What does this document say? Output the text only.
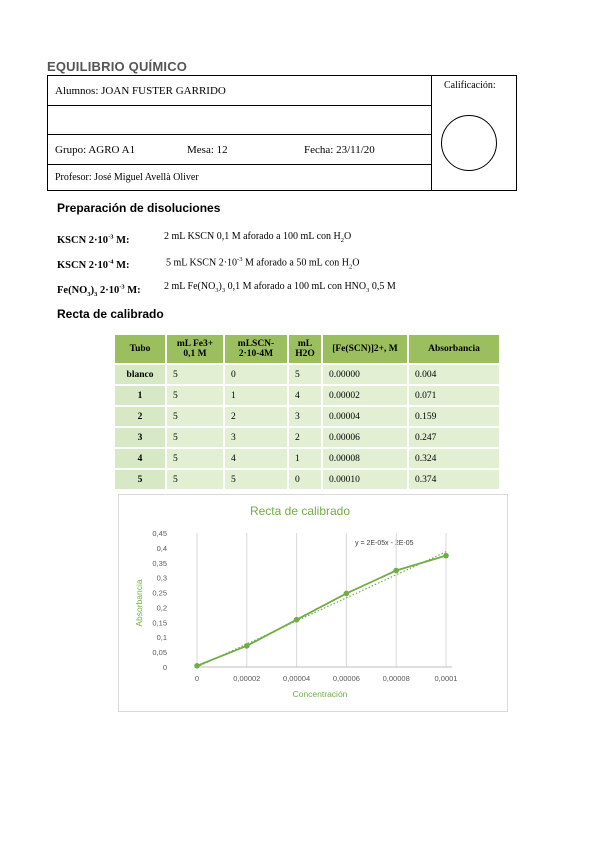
EQUILIBRIO QUÍMICO
Alumnos: JOAN FUSTER GARRIDO
Grupo: AGRO A1	Mesa: 12	Fecha: 23/11/20
Profesor: José Miguel Avellà Oliver
Calificación:
Preparación de disoluciones
KSCN $2\cdot 10^{-3}$ M:	2 mL KSCN 0,1 M aforado a 100 mL con $H_2O$
KSCN $2\cdot 10^{-4}$ M:	5 mL KSCN $2\cdot 10^{-3}$ M aforado a 50 mL con $H_2O$
$Fe(NO_3)_3$ $2\cdot 10^{-3}$ M: 2 mL $Fe(NO_3)_3$ 0,1 M aforado a 100 mL con $HNO_3$ 0,5 M
Recta de calibrado
Tubo	mL Fe3+ 0,1 M	mLSCN- 2·10-4M	mL H2O	[Fe(SCN)]2+, M	Absorbancia
blanco	5	0	5	0.00000	0.004
1	5	1	4	0.00002	0.071
2	5	2	3	0.00004	0.159
3	5	3	2	0.00006	0.247
4	5	4	1	0.00008	0.324
5	5	5	0	0.00010	0.374
Recta de calibrado
y = 2E-05x - 2E-05
Concentración
Absorbancia
0	0,00002	0,00004	0,00006	0,00008	0,0001
0
0,05
0,1
0,15
0,2
0,25
0,3
0,35
0,4
0,45
